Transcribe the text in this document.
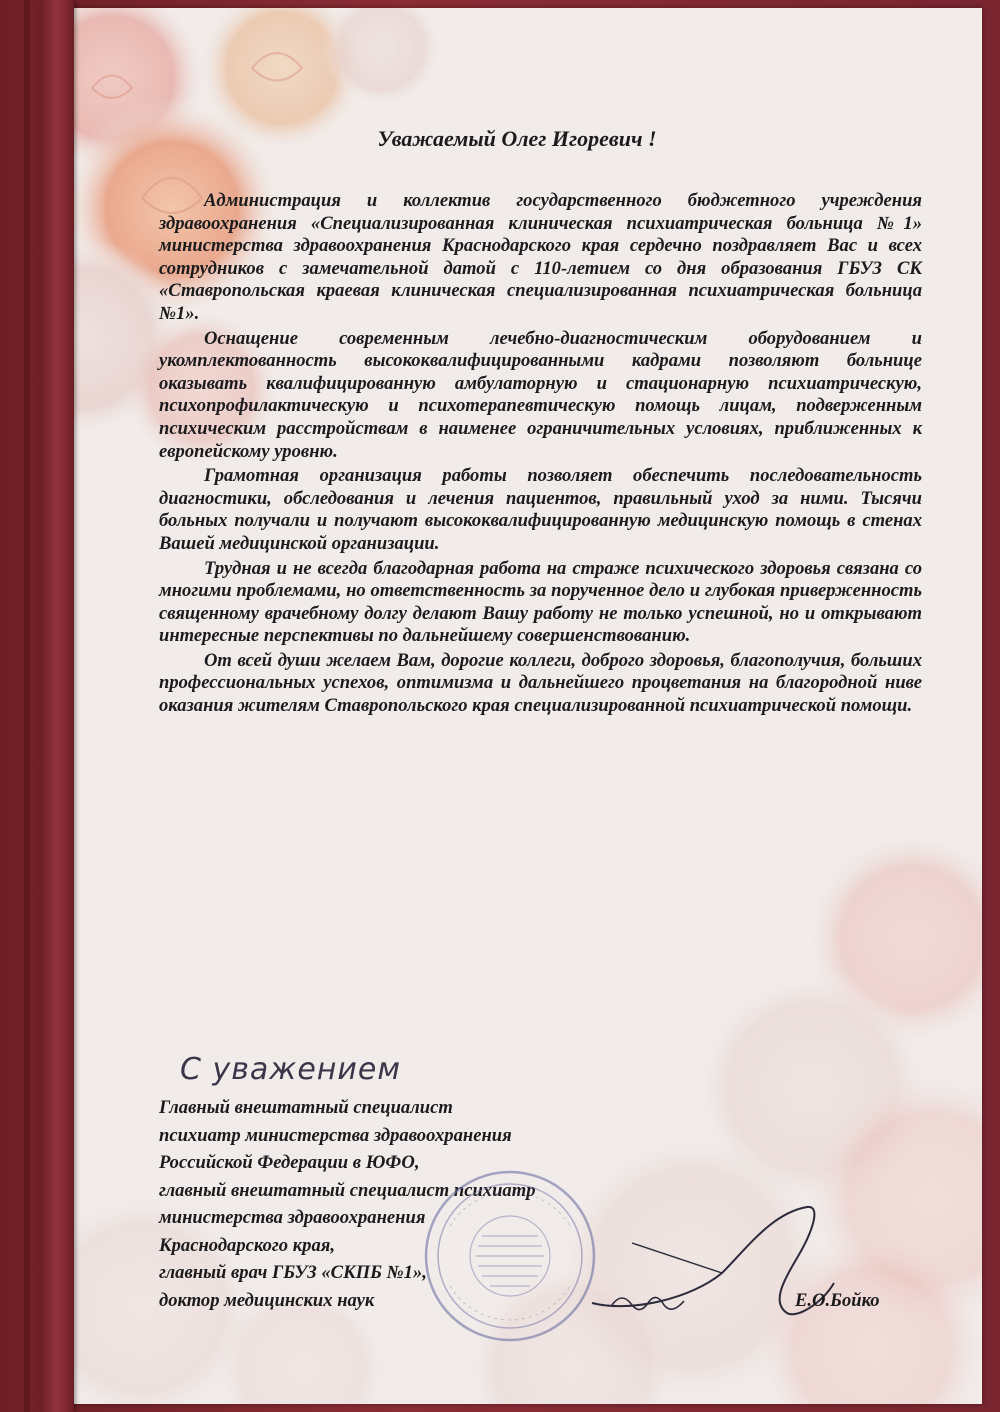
Уважаемый Олег Игоревич !

Администрация и коллектив государственного бюджетного учреждения здравоохранения «Специализированная клиническая психиатрическая больница №1» министерства здравоохранения Краснодарского края сердечно поздравляет Вас и всех сотрудников с замечательной датой с 110-летием со дня образования ГБУЗ СК «Ставропольская краевая клиническая специализированная психиатрическая больница №1».

Оснащение современным лечебно-диагностическим оборудованием и укомплектованность высококвалифицированными кадрами позволяют больнице оказывать квалифицированную амбулаторную и стационарную психиатрическую, психопрофилактическую и психотерапевтическую помощь лицам, подверженным психическим расстройствам в наименее ограничительных условиях, приближенных к европейскому уровню.

Грамотная организация работы позволяет обеспечить последовательность диагностики, обследования и лечения пациентов, правильный уход за ними. Тысячи больных получали и получают высококвалифицированную медицинскую помощь в стенах Вашей медицинской организации.

Трудная и не всегда благодарная работа на страже психического здоровья связана со многими проблемами, но ответственность за порученное дело и глубокая приверженность священному врачебному долгу делают Вашу работу не только успешной, но и открывают интересные перспективы по дальнейшему совершенствованию.

От всей души желаем Вам, дорогие коллеги, доброго здоровья, благополучия, больших профессиональных успехов, оптимизма и дальнейшего процветания на благородной ниве оказания жителям Ставропольского края специализированной психиатрической помощи.

С уважением
Главный внештатный специалист
психиатр министерства здравоохранения
Российской Федерации в ЮФО,
главный внештатный специалист психиатр
министерства здравоохранения
Краснодарского края,
главный врач ГБУЗ «СКПБ №1»,
доктор медицинских наук	Е.О.Бойко
